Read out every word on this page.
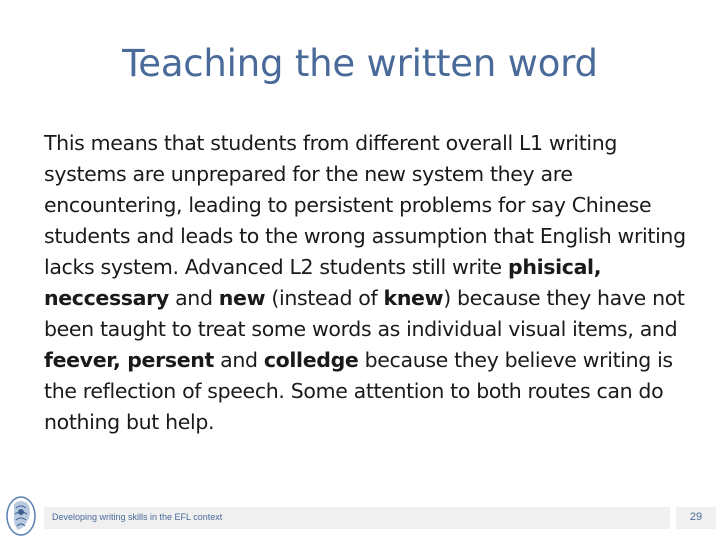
Teaching the written word
This means that students from different overall L1 writing systems are unprepared for the new system they are encountering, leading to persistent problems for say Chinese students and leads to the wrong assumption that English writing lacks system. Advanced L2 students still write phisical, neccessary and new (instead of knew) because they have not been taught to treat some words as individual visual items, and feever, persent and colledge because they believe writing is the reflection of speech. Some attention to both routes can do nothing but help.
Developing writing skills in the EFL context	29
